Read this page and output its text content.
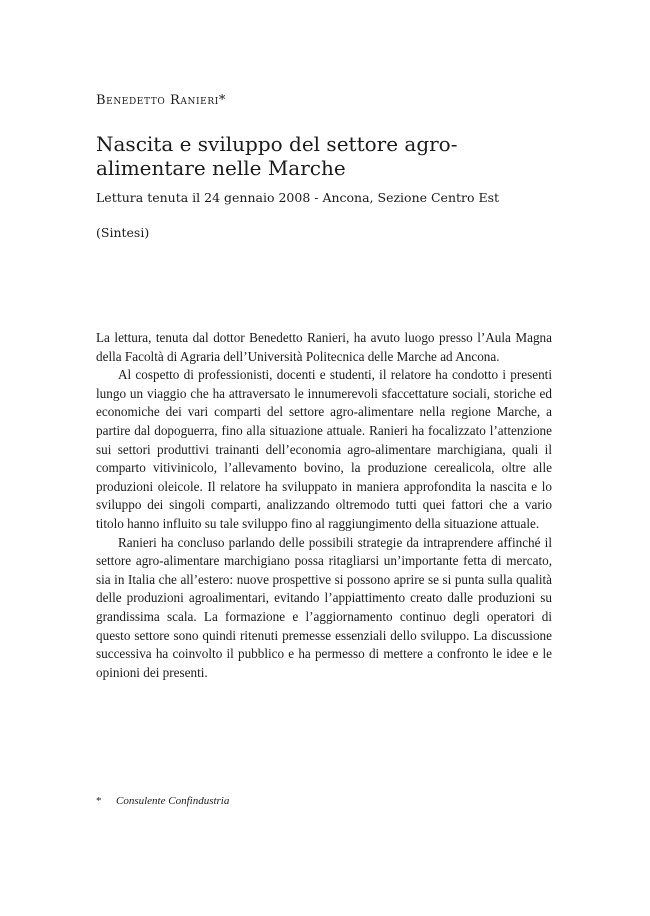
Benedetto Ranieri*
Nascita e sviluppo del settore agro-alimentare nelle Marche
Lettura tenuta il 24 gennaio 2008 - Ancona, Sezione Centro Est
(Sintesi)

La lettura, tenuta dal dottor Benedetto Ranieri, ha avuto luogo presso l’Aula Magna della Facoltà di Agraria dell’Università Politecnica delle Marche ad Ancona.

Al cospetto di professionisti, docenti e studenti, il relatore ha condotto i presenti lungo un viaggio che ha attraversato le innumerevoli sfaccettature sociali, storiche ed economiche dei vari comparti del settore agro-alimentare nella regione Marche, a partire dal dopoguerra, fino alla situazione attuale. Ranieri ha focalizzato l’attenzione sui settori produttivi trainanti dell’economia agro-alimentare marchigiana, quali il comparto vitivinicolo, l’allevamento bovino, la produzione cerealicola, oltre alle produzioni oleicole. Il relatore ha sviluppato in maniera approfondita la nascita e lo sviluppo dei singoli comparti, analizzando oltremodo tutti quei fattori che a vario titolo hanno influito su tale sviluppo fino al raggiungimento della situazione attuale.

Ranieri ha concluso parlando delle possibili strategie da intraprendere affinché il settore agro-alimentare marchigiano possa ritagliarsi un’importante fetta di mercato, sia in Italia che all’estero: nuove prospettive si possono aprire se si punta sulla qualità delle produzioni agroalimentari, evitando l’appiattimento creato dalle produzioni su grandissima scala. La formazione e l’aggiornamento continuo degli operatori di questo settore sono quindi ritenuti premesse essenziali dello sviluppo. La discussione successiva ha coinvolto il pubblico e ha permesso di mettere a confronto le idee e le opinioni dei presenti.

* Consulente Confindustria
